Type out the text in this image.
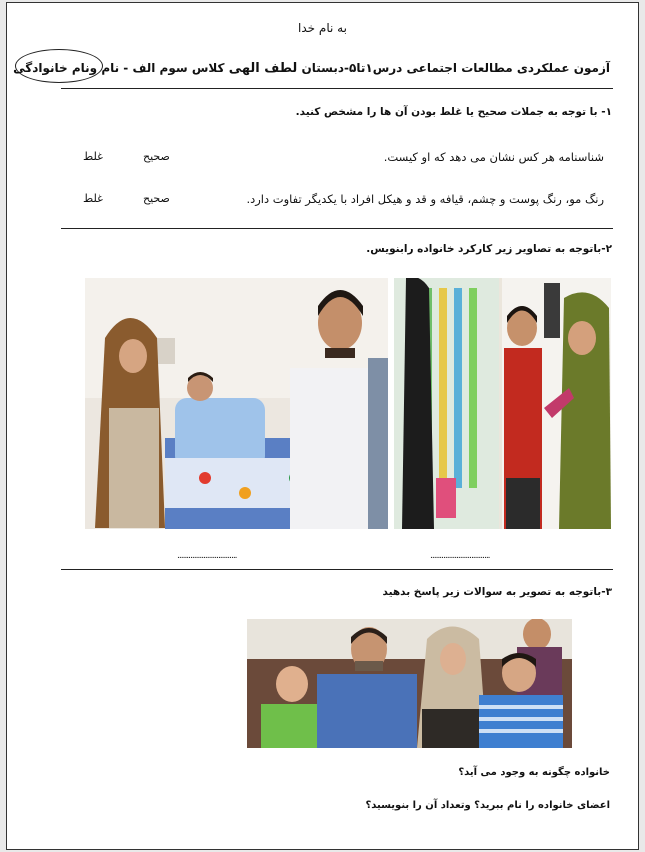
به نام خدا
آزمون عملکردی مطالعات اجتماعی درس۱تا۵-دبستان لطف الهی کلاس سوم الف - نام ونام خانوادگی
۱- با توجه به جملات صحیح یا غلط بودن آن ها را مشخص کنید.
شناسنامه هر کس نشان می دهد که او کیست.
صحیح
غلط
رنگ مو، رنگ پوست و چشم، قیافه و قد و هیکل افراد با یکدیگر تفاوت دارد.
صحیح
غلط
۲-باتوجه به تصاویر زیر کارکرد خانواده رابنویس.
................................	................................
۳-باتوجه به تصویر به سوالات زیر پاسخ بدهید
خانواده چگونه به وجود می آید؟
اعضای خانواده را نام ببرید؟ وتعداد آن را بنویسید؟
